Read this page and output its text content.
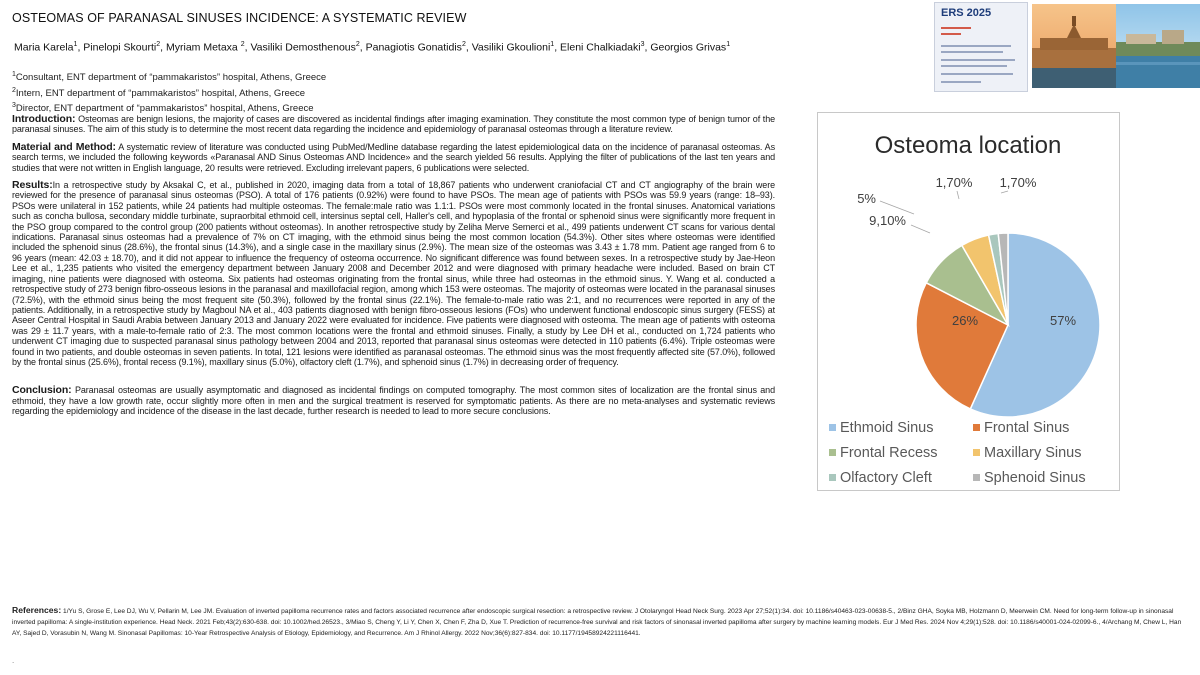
OSTEOMAS OF PARANASAL SINUSES INCIDENCE: A SYSTEMATIC REVIEW
Maria Karela$^1$, Pinelopi Skourti$^2$, Myriam Metaxa $^2$, Vasiliki Demosthenous$^2$, Panagiotis Gonatidis$^2$, Vasiliki Gkoulioni$^1$, Eleni Chalkiadaki$^3$, Georgios Grivas$^1$
$^1$Consultant, ENT department of “pammakaristos” hospital, Athens, Greece
$^2$Intern, ENT department of “pammakaristos” hospital, Athens, Greece
$^3$Director, ENT department of “pammakaristos” hospital, Athens, Greece

Introduction: Osteomas are benign lesions, the majority of cases are discovered as incidental findings after imaging examination. They constitute the most common type of benign tumor of the paranasal sinuses. The aim of this study is to determine the most recent data regarding the incidence and epidemiology of paranasal osteomas through a literature review.

Material and Method: A systematic review of literature was conducted using PubMed/Medline database regarding the latest epidemiological data on the incidence of paranasal osteomas. As search terms, we included the following keywords «Paranasal AND Sinus Osteomas AND Incidence» and the search yielded 56 results. Applying the filter of publications of the last ten years and studies that were not written in English language, 20 results were retrieved. Excluding irrelevant papers, 6 publications were selected.

Results:In a retrospective study by Aksakal C, et al., published in 2020, imaging data from a total of 18,867 patients who underwent craniofacial CT and CT angiography of the brain were reviewed for the presence of paranasal sinus osteomas (PSO). A total of 176 patients (0.92%) were found to have PSOs. The mean age of patients with PSOs was 59.9 years (range: 18–93). PSOs were unilateral in 152 patients, while 24 patients had multiple osteomas. The female:male ratio was 1.1:1. PSOs were most commonly located in the frontal sinuses. Anatomical variations such as concha bullosa, secondary middle turbinate, supraorbital ethmoid cell, intersinus septal cell, Haller's cell, and hypoplasia of the frontal or sphenoid sinus were significantly more frequent in the PSO group compared to the control group (200 patients without osteomas). In another retrospective study by Zeliha Merve Semerci et al., 499 patients underwent CT scans for various dental indications. Paranasal sinus osteomas had a prevalence of 7% on CT imaging, with the ethmoid sinus being the most common location (54.3%). Other sites where osteomas were identified included the sphenoid sinus (28.6%), the frontal sinus (14.3%), and a single case in the maxillary sinus (2.9%). The mean size of the osteomas was 3.43 ± 1.78 mm. Patient age ranged from 6 to 96 years (mean: 42.03 ± 18.70), and it did not appear to influence the frequency of osteoma occurrence. No significant difference was found between sexes. In a retrospective study by Jae-Heon Lee et al., 1,235 patients who visited the emergency department between January 2008 and December 2012 and were diagnosed with primary headache were included. Based on brain CT imaging, nine patients were diagnosed with osteoma. Six patients had osteomas originating from the frontal sinus, while three had osteomas in the ethmoid sinus. Y. Wang et al. conducted a retrospective study of 273 benign fibro-osseous lesions in the paranasal and maxillofacial region, among which 153 were osteomas. The majority of osteomas were located in the paranasal sinuses (72.5%), with the ethmoid sinus being the most frequent site (50.3%), followed by the frontal sinus (22.1%). The female-to-male ratio was 2:1, and no recurrences were reported in any of the patients. Additionally, in a retrospective study by Magboul NA et al., 403 patients diagnosed with benign fibro-osseous lesions (FOs) who underwent functional endoscopic sinus surgery (FESS) at Aseer Central Hospital in Saudi Arabia between January 2013 and January 2022 were evaluated for incidence. Five patients were diagnosed with osteoma. The mean age of patients with osteoma was 29 ± 11.7 years, with a male-to-female ratio of 2:3. The most common locations were the frontal and ethmoid sinuses. Finally, a study by Lee DH et al., conducted on 1,724 patients who underwent CT imaging due to suspected paranasal sinus pathology between 2004 and 2013, reported that paranasal sinus osteomas were detected in 110 patients (6.4%). Triple osteomas were found in two patients, and double osteomas in seven patients. In total, 121 lesions were identified as paranasal osteomas. The ethmoid sinus was the most frequently affected site (57.0%), followed by the frontal sinus (25.6%), frontal recess (9.1%), maxillary sinus (5.0%), olfactory cleft (1.7%), and sphenoid sinus (1.7%) in decreasing order of frequency.

Conclusion: Paranasal osteomas are usually asymptomatic and diagnosed as incidental findings on computed tomography. The most common sites of localization are the frontal sinus and ethmoid, they have a low growth rate, occur slightly more often in men and the surgical treatment is reserved for symptomatic patients. As there are no meta-analyses and systematic reviews regarding the epidemiology and incidence of the disease in the last decade, further research is needed to lead to more secure conclusions.

References: 1/Yu S, Grose E, Lee DJ, Wu V, Pellarin M, Lee JM. Evaluation of inverted papilloma recurrence rates and factors associated recurrence after endoscopic surgical resection: a retrospective review. J Otolaryngol Head Neck Surg. 2023 Apr 27;52(1):34. doi: 10.1186/s40463-023-00638-5., 2/Binz GHA, Soyka MB, Holzmann D, Meerwein CM. Need for long-term follow-up in sinonasal inverted papilloma: A single-institution experience. Head Neck. 2021 Feb;43(2):630-638. doi: 10.1002/hed.26523., 3/Miao S, Cheng Y, Li Y, Chen X, Chen F, Zha D, Xue T. Prediction of recurrence-free survival and risk factors of sinonasal inverted papilloma after surgery by machine learning models. Eur J Med Res. 2024 Nov 4;29(1):528. doi: 10.1186/s40001-024-02099-6., 4/Archang M, Chew L, Han AY, Sajed D, Vorasubin N, Wang M. Sinonasal Papillomas: 10-Year Retrospective Analysis of Etiology, Epidemiology, and Recurrence. Am J Rhinol Allergy. 2022 Nov;36(6):827-834. doi: 10.1177/19458924221116441.
.
ERS 2025
Osteoma location
57%
26%
9,10%
5%
1,70% 1,70%
Ethmoid Sinus	Frontal Sinus
Frontal Recess	Maxillary Sinus
Olfactory Cleft	Sphenoid Sinus
